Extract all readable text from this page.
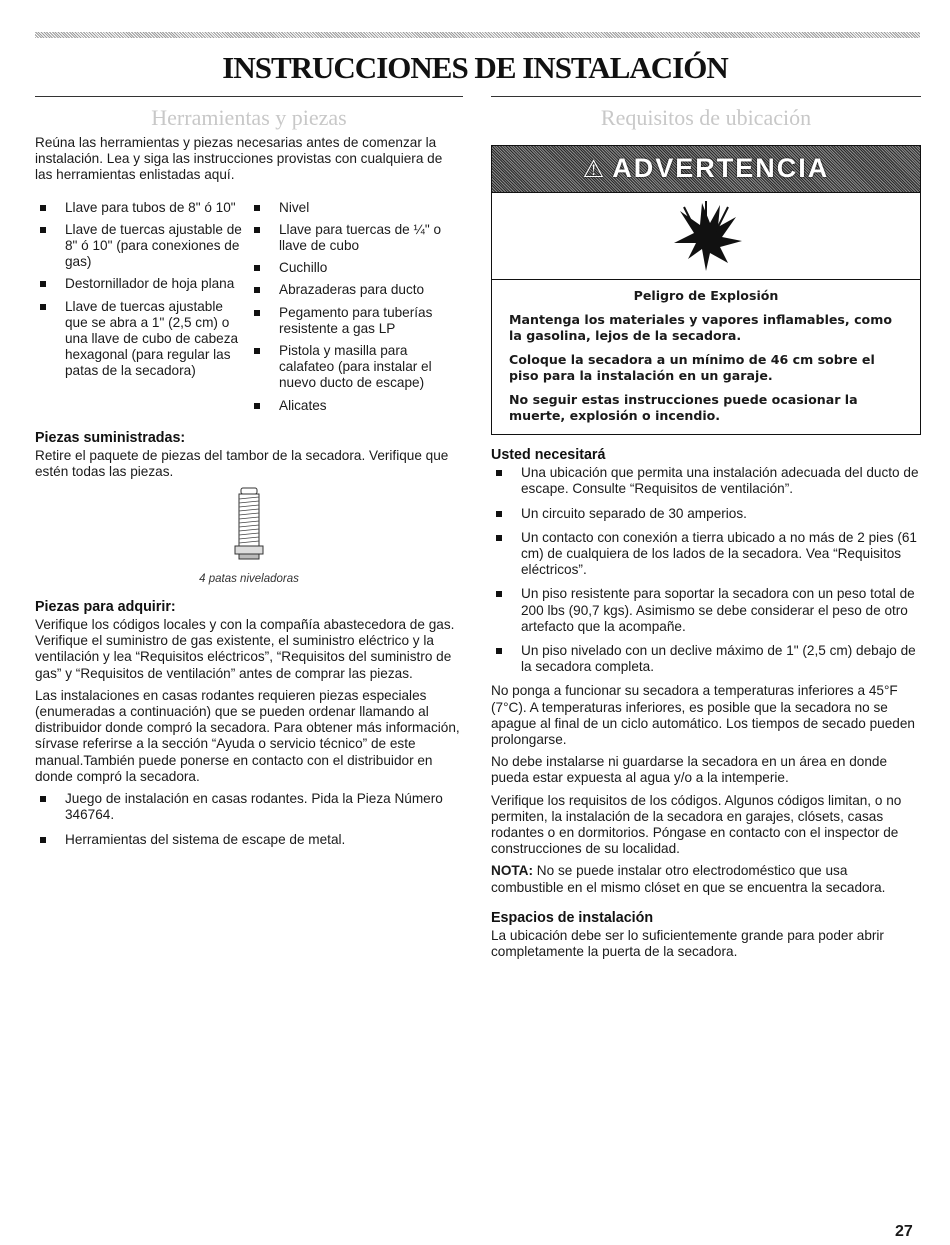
INSTRUCCIONES DE INSTALACIÓN
Herramientas y piezas

Reúna las herramientas y piezas necesarias antes de comenzar la instalación. Lea y siga las instrucciones provistas con cualquiera de las herramientas enlistadas aquí.

Llave para tubos de 8" ó 10"
Llave de tuercas ajustable de 8" ó 10" (para conexiones de gas)
Destornillador de hoja plana
Llave de tuercas ajustable que se abra a 1" (2,5 cm) o una llave de cubo de cabeza hexagonal (para regular las patas de la secadora)
Nivel
Llave para tuercas de ¼" o llave de cubo
Cuchillo
Abrazaderas para ducto
Pegamento para tuberías resistente a gas LP
Pistola y masilla para calafateo (para instalar el nuevo ducto de escape)
Alicates
Piezas suministradas:

Retire el paquete de piezas del tambor de la secadora. Verifique que estén todas las piezas.

4 patas niveladoras
Piezas para adquirir:

Verifique los códigos locales y con la compañía abastecedora de gas. Verifique el suministro de gas existente, el suministro eléctrico y la ventilación y lea “Requisitos eléctricos”, “Requisitos del suministro de gas” y “Requisitos de ventilación” antes de comprar las piezas.

Las instalaciones en casas rodantes requieren piezas especiales (enumeradas a continuación) que se pueden ordenar llamando al distribuidor donde compró la secadora. Para obtener más información, sírvase referirse a la sección “Ayuda o servicio técnico” de este manual.También puede ponerse en contacto con el distribuidor en donde compró la secadora.

Juego de instalación en casas rodantes. Pida la Pieza Número 346764.
Herramientas del sistema de escape de metal.
Requisitos de ubicación
⚠ ADVERTENCIA
Peligro de Explosión

Mantenga los materiales y vapores inflamables, como la gasolina, lejos de la secadora.

Coloque la secadora a un mínimo de 46 cm sobre el piso para la instalación en un garaje.

No seguir estas instrucciones puede ocasionar la muerte, explosión o incendio.

Usted necesitará
Una ubicación que permita una instalación adecuada del ducto de escape. Consulte “Requisitos de ventilación”.
Un circuito separado de 30 amperios.
Un contacto con conexión a tierra ubicado a no más de 2 pies (61 cm) de cualquiera de los lados de la secadora. Vea “Requisitos eléctricos”.
Un piso resistente para soportar la secadora con un peso total de 200 lbs (90,7 kgs). Asimismo se debe considerar el peso de otro artefacto que la acompañe.
Un piso nivelado con un declive máximo de 1" (2,5 cm) debajo de la secadora completa.

No ponga a funcionar su secadora a temperaturas inferiores a 45°F (7°C). A temperaturas inferiores, es posible que la secadora no se apague al final de un ciclo automático. Los tiempos de secado pueden prolongarse.

No debe instalarse ni guardarse la secadora en un área en donde pueda estar expuesta al agua y/o a la intemperie.

Verifique los requisitos de los códigos. Algunos códigos limitan, o no permiten, la instalación de la secadora en garajes, clósets, casas rodantes o en dormitorios. Póngase en contacto con el inspector de construcciones de su localidad.

NOTA: No se puede instalar otro electrodoméstico que usa combustible en el mismo clóset en que se encuentra la secadora.

Espacios de instalación

La ubicación debe ser lo suficientemente grande para poder abrir completamente la puerta de la secadora.

27
